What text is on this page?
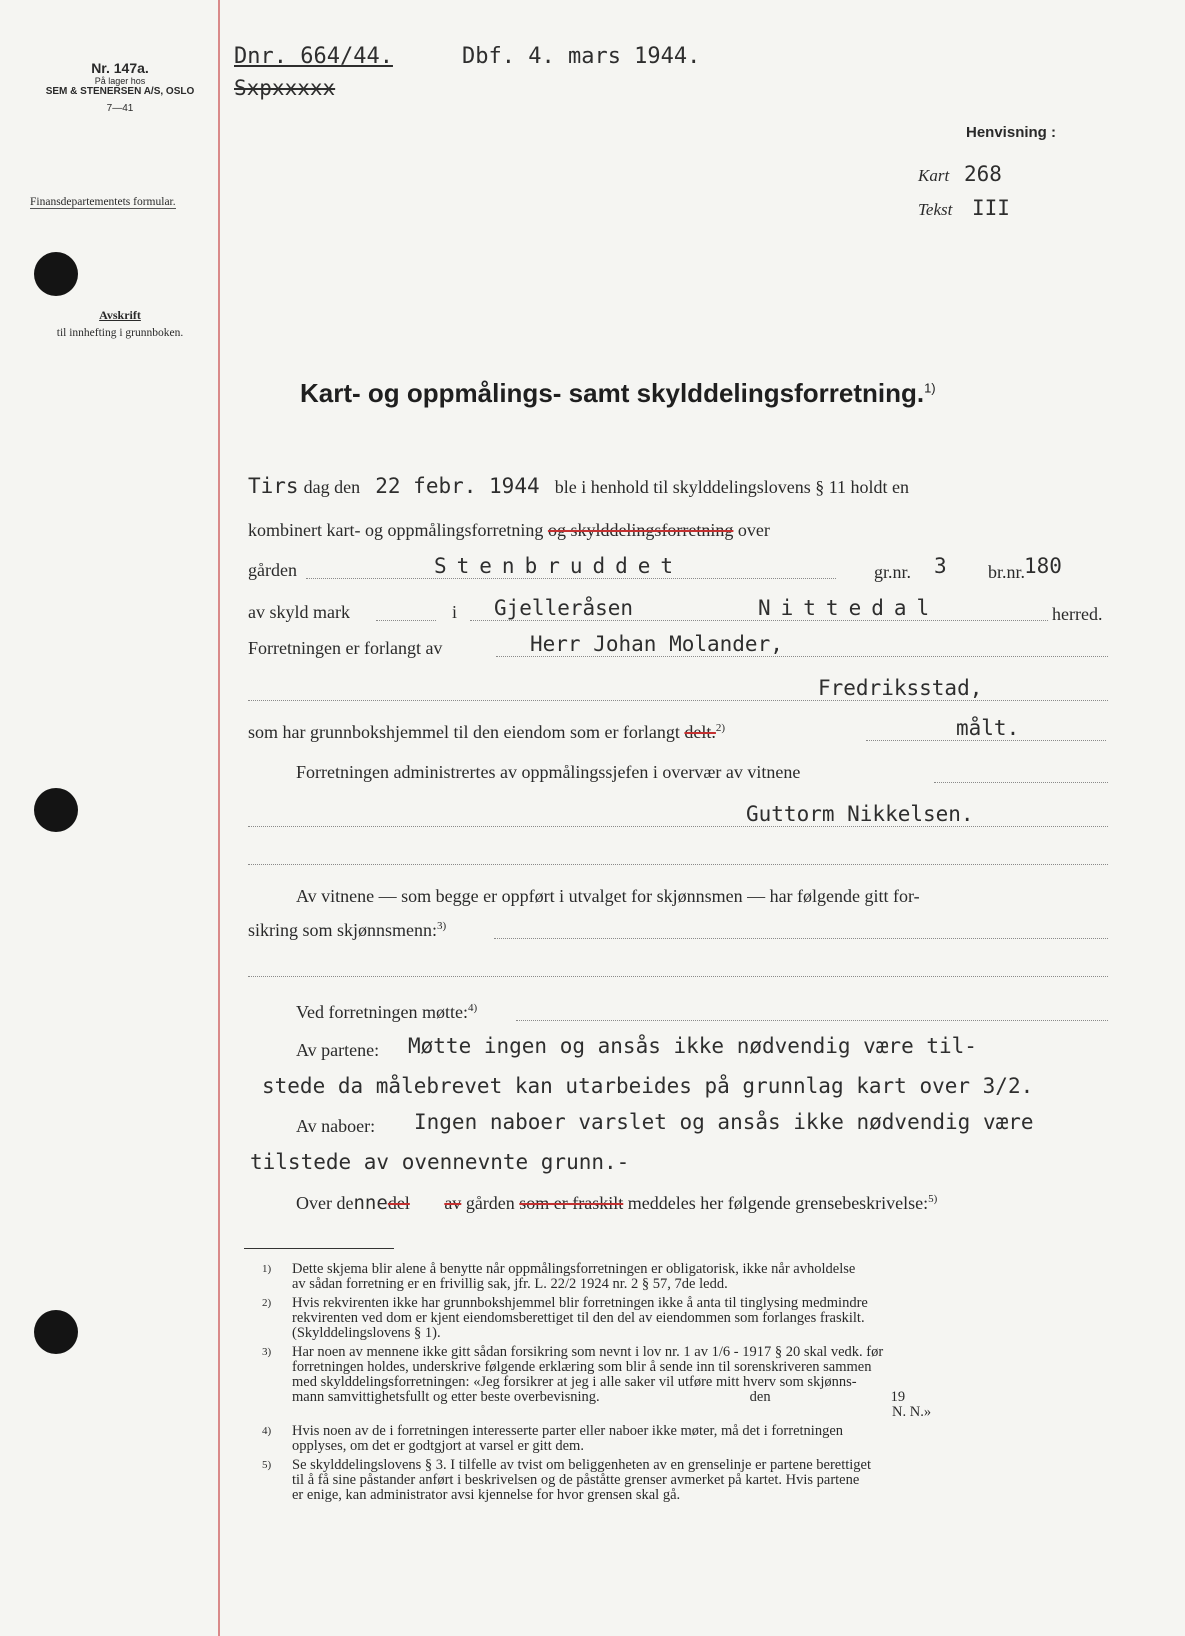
Nr. 147a.
På lager hos
SEM & STENERSEN A/S, OSLO
7—41
Finansdepartementets formular.
Avskrift
til innhefting i grunnboken.
Dnr. 664/44.	Dbf. 4. mars 1944.
Sxpxxxxx
Henvisning :
Kart 268
Tekst III
Kart- og oppmålings- samt skylddelingsforretning.$^{1)}$
Tirs dag den 22 febr. 1944 ble i henhold til skylddelingslovens § 11 holdt en
kombinert kart- og oppmålingsforretning og skylddelingsforretning over
gården	Stenbruddet	gr.nr. 3 br.nr.
180
av skyld mark	i Gjelleråsen	Nittedal	herred.
Forretningen er forlangt av	Herr Johan Molander,
Fredriksstad,
som har grunnbokshjemmel til den eiendom som er forlangt delt.$^{2)}$	målt.
Forretningen administrertes av oppmålingssjefen i overvær av vitnene
Guttorm Nikkelsen.
Av vitnene — som begge er oppført i utvalget for skjønnsmen — har følgende gitt for-
sikring som skjønnsmenn:$^{3)}$
Ved forretningen møtte:$^{4)}$
Av partene: Møtte ingen og ansås ikke nødvendig være til-
stede da målebrevet kan utarbeides på grunnlag kart over 3/2.
Av naboer: Ingen naboer varslet og ansås ikke nødvendig være
tilstede av ovennevnte grunn.-
Over dennedel av gården som er fraskilt meddeles her følgende grensebeskrivelse:$^{5)}$
1)	Dette skjema blir alene å benytte når oppmålingsforretningen er obligatorisk, ikke når avholdelse
av sådan forretning er en frivillig sak, jfr. L. 22/2 1924 nr. 2 § 57, 7de ledd.
2)	Hvis rekvirenten ikke har grunnbokshjemmel blir forretningen ikke å anta til tinglysing medmindre
rekvirenten ved dom er kjent eiendomsberettiget til den del av eiendommen som forlanges fraskilt.
(Skylddelingslovens § 1).
3)	Har noen av mennene ikke gitt sådan forsikring som nevnt i lov nr. 1 av 1/6 - 1917 § 20 skal vedk. før
forretningen holdes, underskrive følgende erklæring som blir å sende inn til sorenskriveren sammen
med skylddelingsforretningen: «Jeg forsikrer at jeg i alle saker vil utføre mitt hverv som skjønns-
mann samvittighetsfullt og etter beste overbevisning.	den	19
N. N.»
4)	Hvis noen av de i forretningen interesserte parter eller naboer ikke møter, må det i forretningen
opplyses, om det er godtgjort at varsel er gitt dem.
5)	Se skylddelingslovens § 3. I tilfelle av tvist om beliggenheten av en grenselinje er partene berettiget
til å få sine påstander anført i beskrivelsen og de påståtte grenser avmerket på kartet. Hvis partene
er enige, kan administrator avsi kjennelse for hvor grensen skal gå.
